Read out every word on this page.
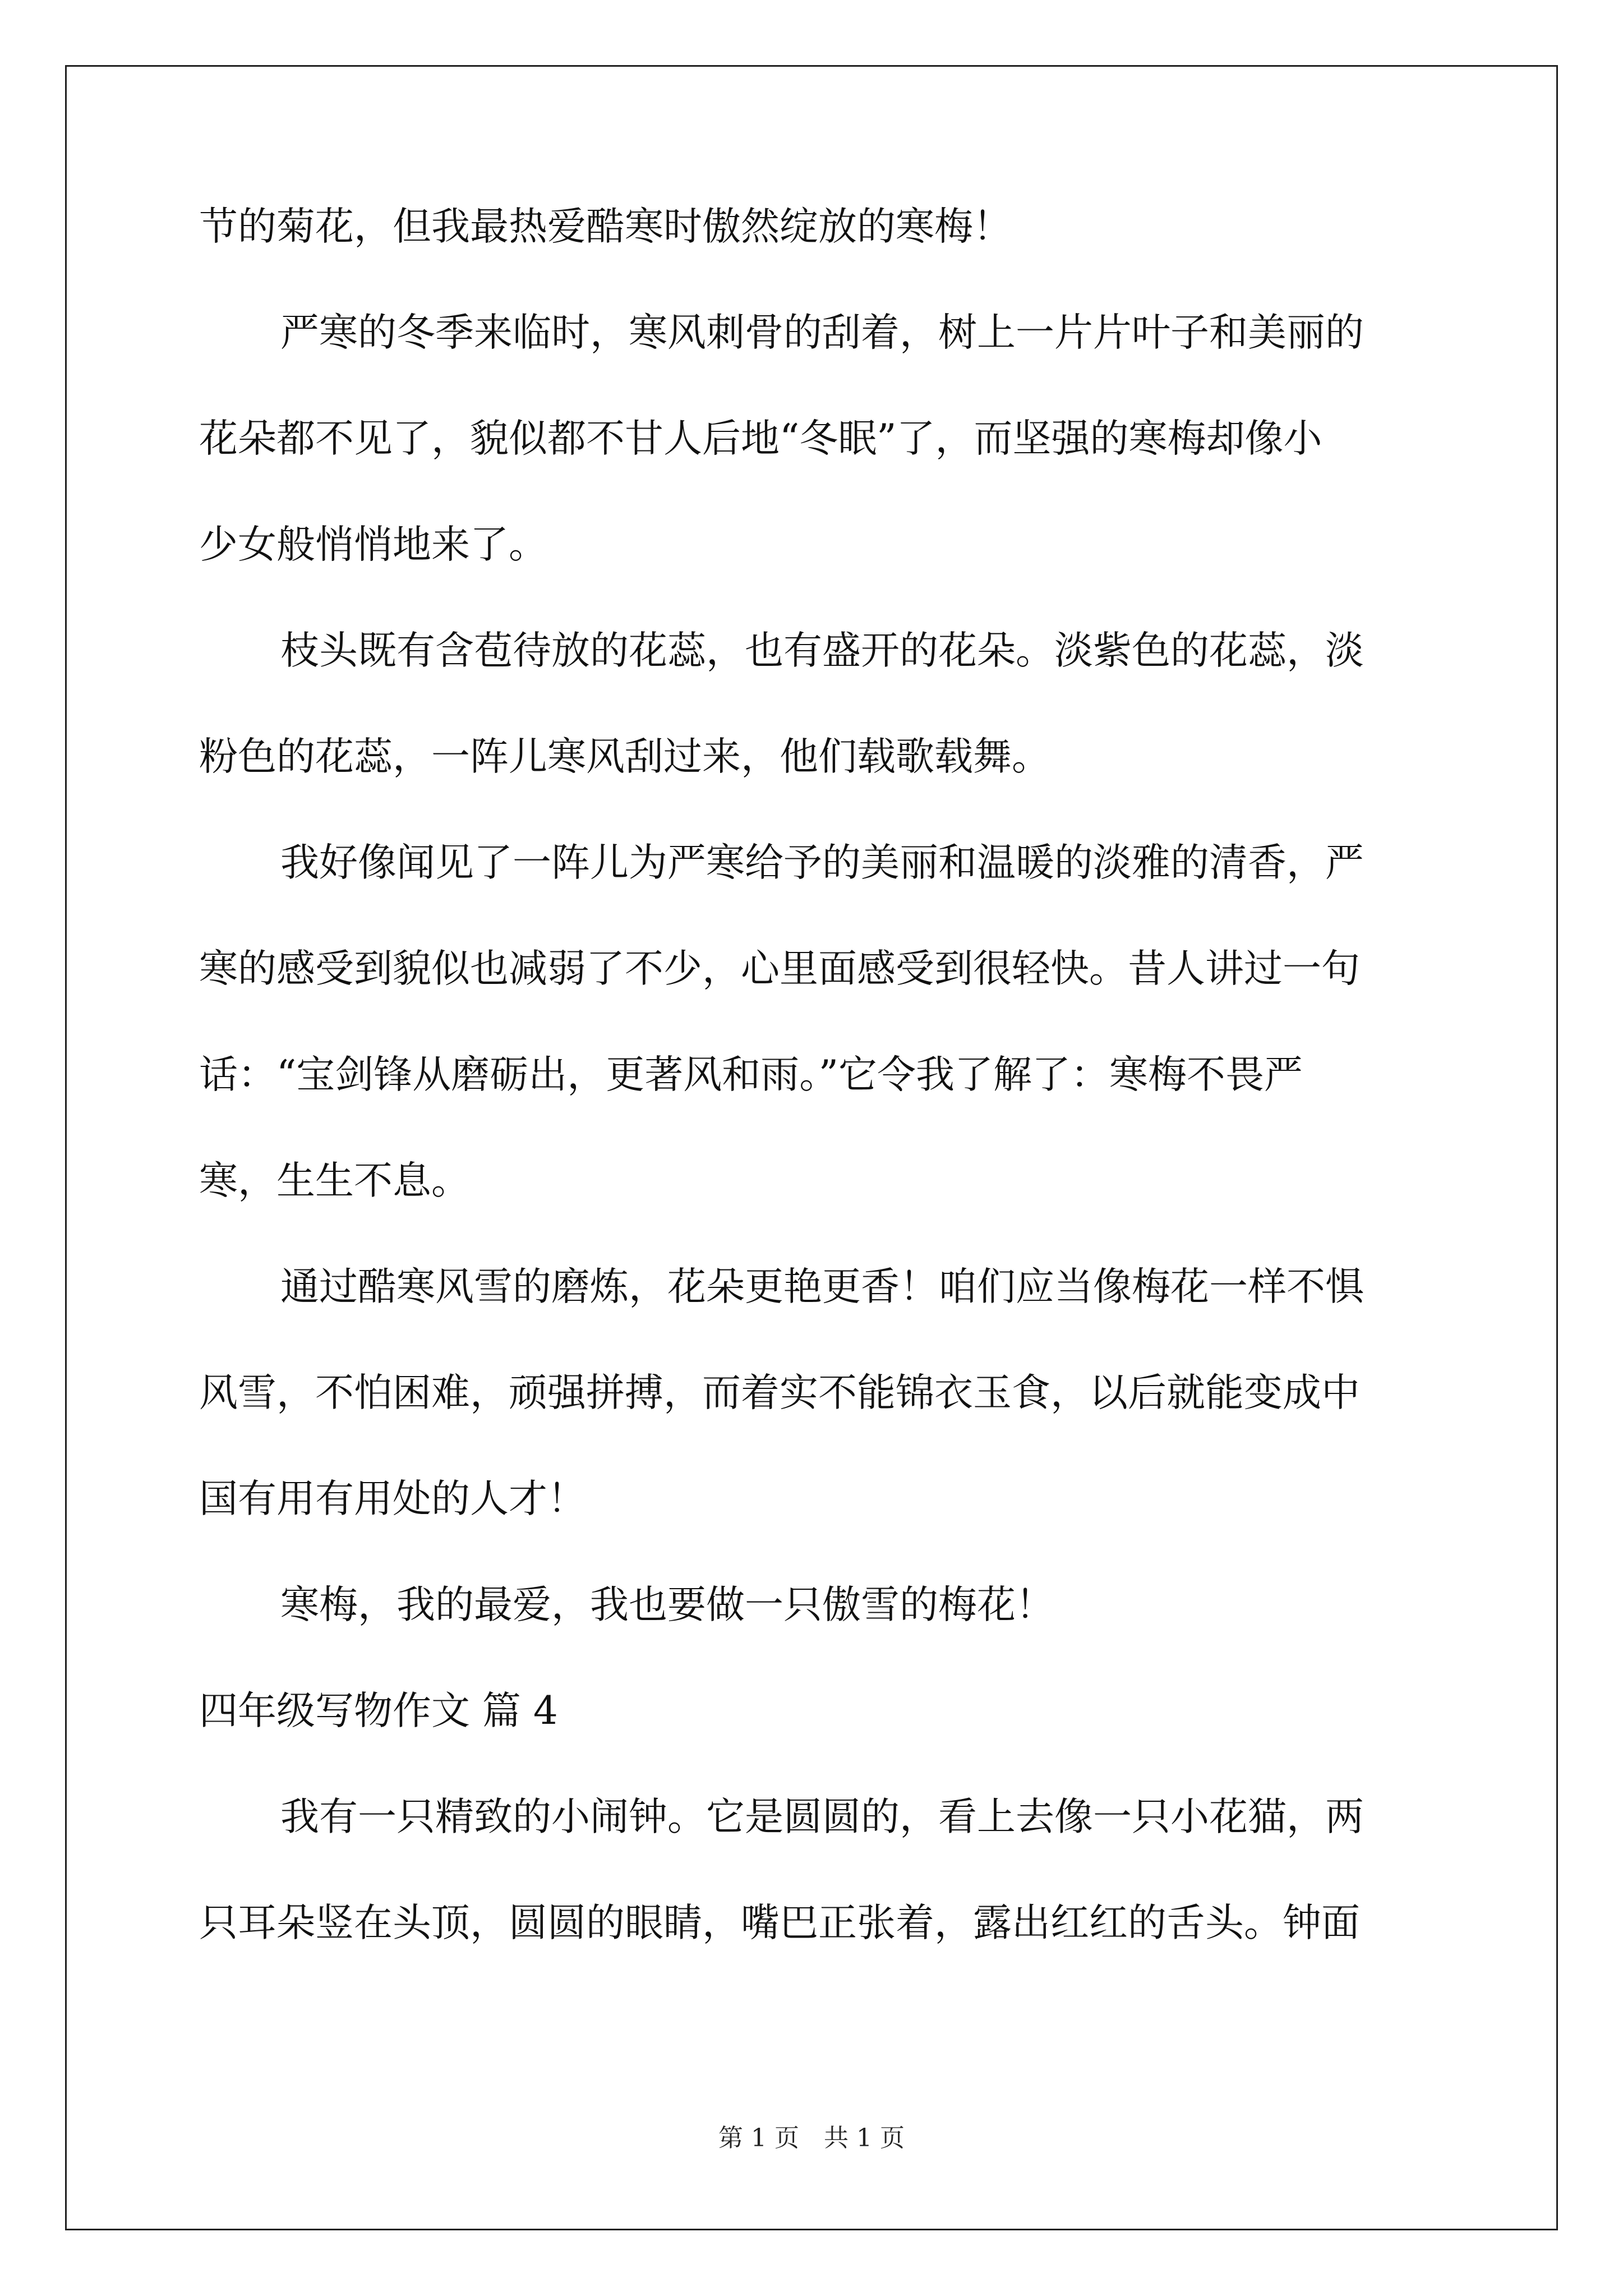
节的菊花，但我最热爱酷寒时傲然绽放的寒梅！
严寒的冬季来临时，寒风刺骨的刮着，树上一片片叶子和美丽的
花朵都不见了，貌似都不甘人后地“冬眠”了，而坚强的寒梅却像小
少女般悄悄地来了。
枝头既有含苞待放的花蕊，也有盛开的花朵。淡紫色的花蕊，淡
粉色的花蕊，一阵儿寒风刮过来，他们载歌载舞。
我好像闻见了一阵儿为严寒给予的美丽和温暖的淡雅的清香，严
寒的感受到貌似也减弱了不少，心里面感受到很轻快。昔人讲过一句
话：“宝剑锋从磨砺出，更著风和雨。”它令我了解了：寒梅不畏严
寒，生生不息。
通过酷寒风雪的磨炼，花朵更艳更香！咱们应当像梅花一样不惧
风雪，不怕困难，顽强拼搏，而着实不能锦衣玉食，以后就能变成中
国有用有用处的人才！
寒梅，我的最爱，我也要做一只傲雪的梅花！
四年级写物作文 篇 4
我有一只精致的小闹钟。它是圆圆的，看上去像一只小花猫，两
只耳朵竖在头顶，圆圆的眼睛，嘴巴正张着，露出红红的舌头。钟面
第 1 页　共 1 页
